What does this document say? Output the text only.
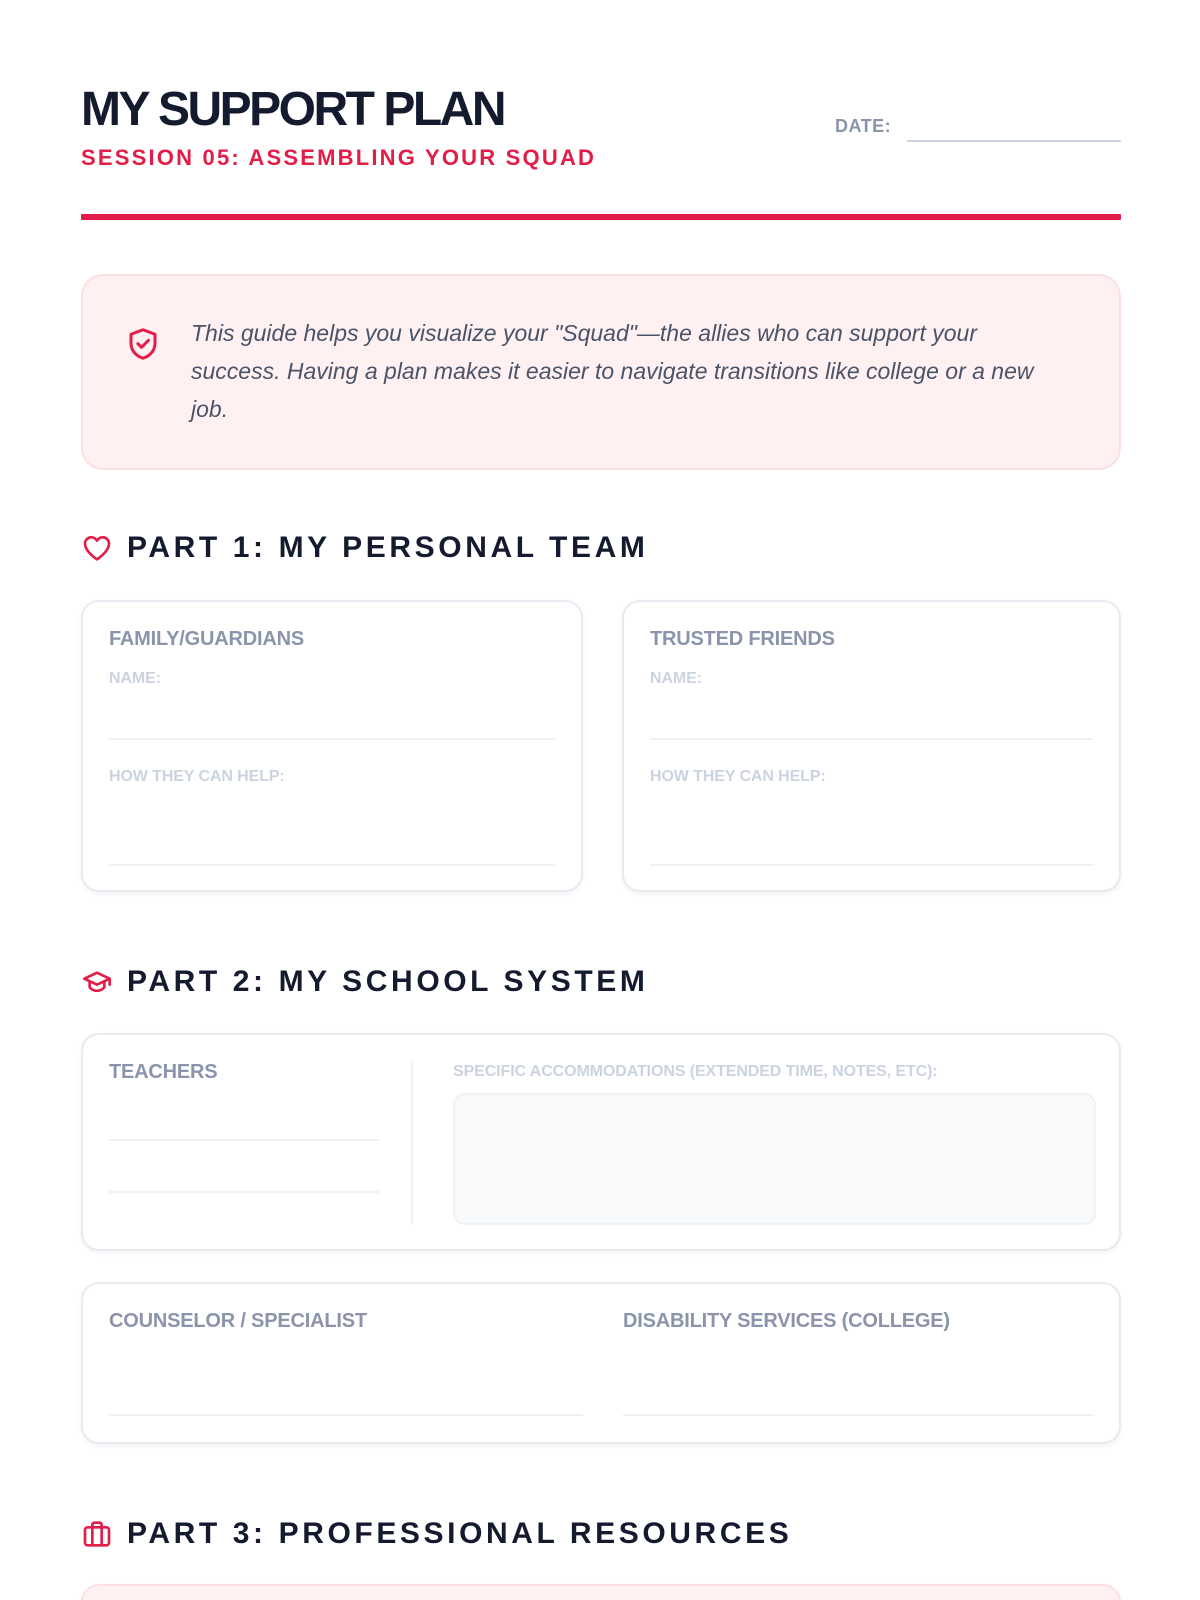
MY SUPPORT PLAN
SESSION 05: ASSEMBLING YOUR SQUAD
DATE:

This guide helps you visualize your "Squad"—the allies who can support your success. Having a plan makes it easier to navigate transitions like college or a new job.

PART 1: MY PERSONAL TEAM
FAMILY/GUARDIANS
NAME:
HOW THEY CAN HELP:
TRUSTED FRIENDS
NAME:
HOW THEY CAN HELP:
PART 2: MY SCHOOL SYSTEM
TEACHERS	SPECIFIC ACCOMMODATIONS (EXTENDED TIME, NOTES, ETC):
COUNSELOR / SPECIALIST	DISABILITY SERVICES (COLLEGE)
PART 3: PROFESSIONAL RESOURCES
